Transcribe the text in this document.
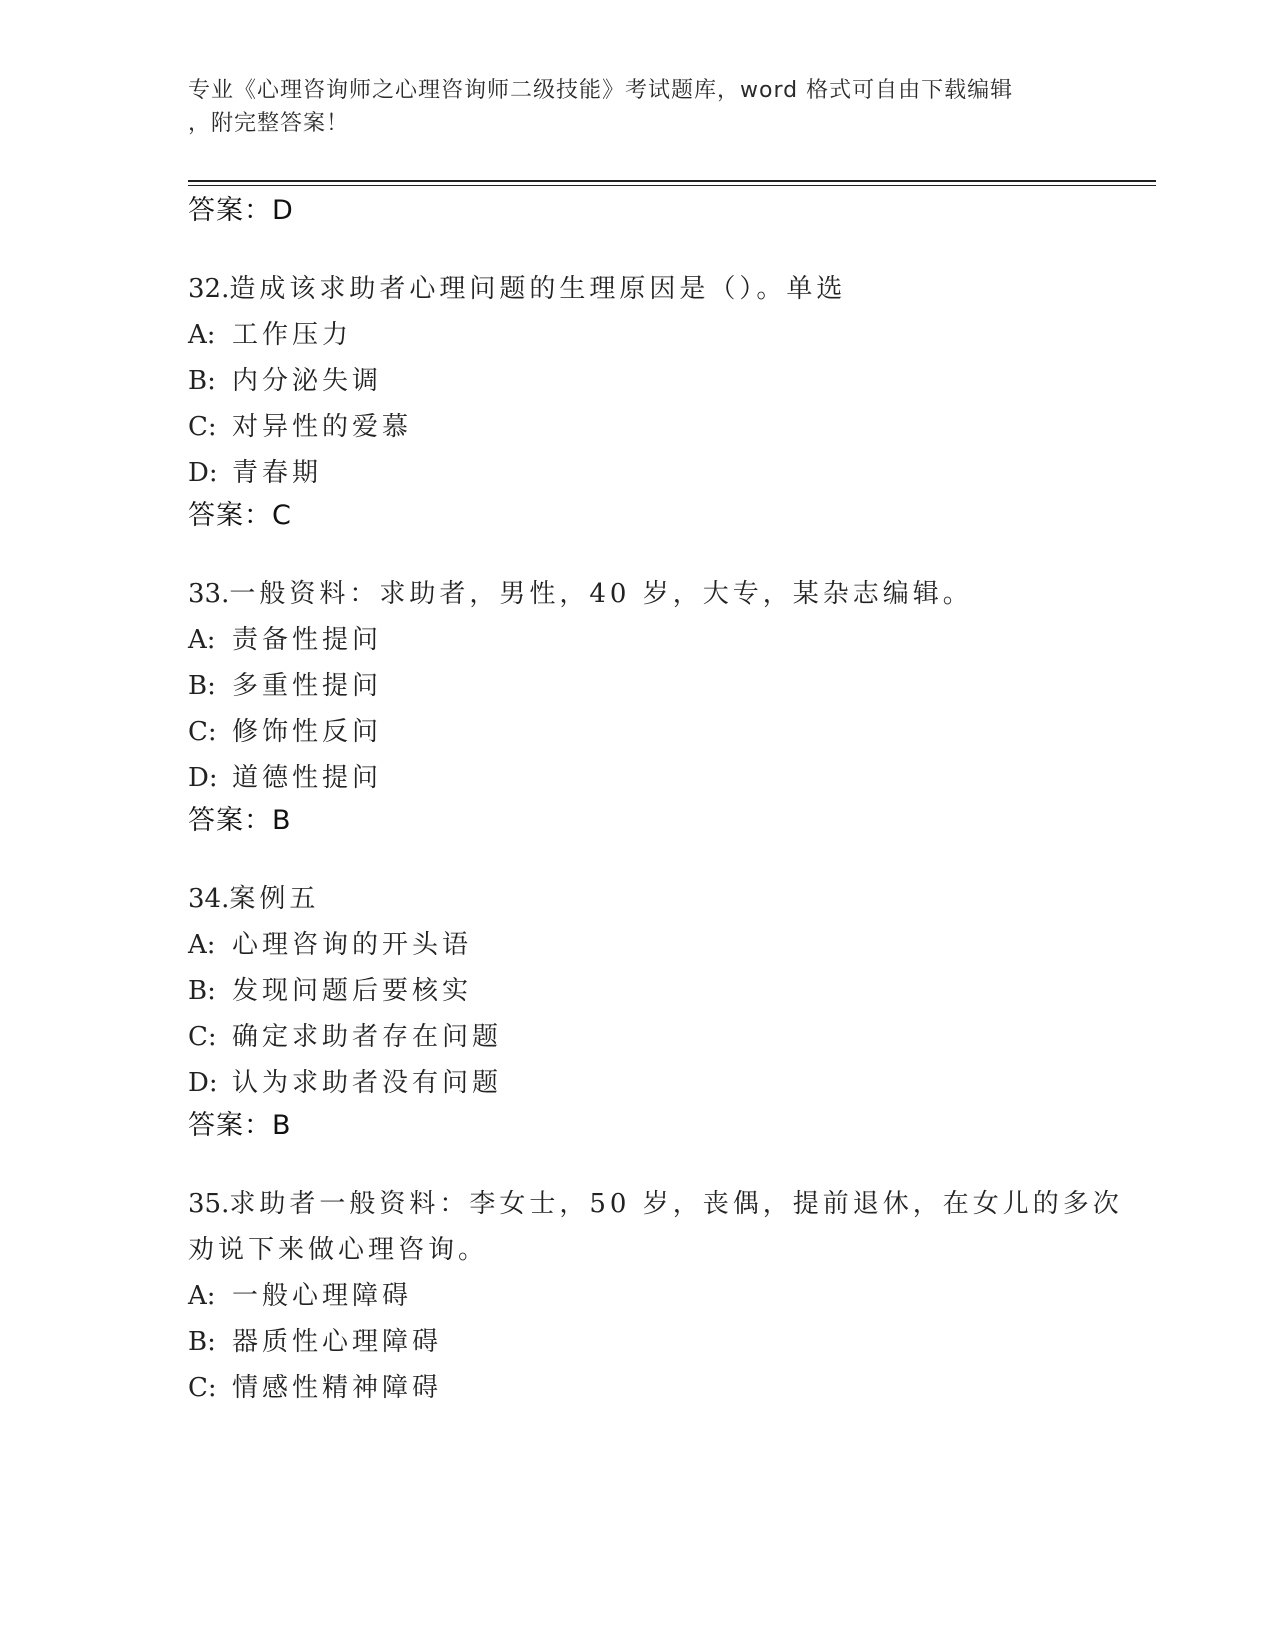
专业《心理咨询师之心理咨询师二级技能》考试题库，word 格式可自由下载编辑
，附完整答案！
答案：D
32.造成该求助者心理问题的生理原因是（）。单选
A: 工作压力
B: 内分泌失调
C: 对异性的爱慕
D: 青春期
答案：C
33.一般资料：求助者，男性，40 岁，大专，某杂志编辑。
A: 责备性提问
B: 多重性提问
C: 修饰性反问
D: 道德性提问
答案：B
34.案例五
A: 心理咨询的开头语
B: 发现问题后要核实
C: 确定求助者存在问题
D: 认为求助者没有问题
答案：B
35.求助者一般资料：李女士，50 岁，丧偶，提前退休，在女儿的多次
劝说下来做心理咨询。
A: 一般心理障碍
B: 器质性心理障碍
C: 情感性精神障碍
